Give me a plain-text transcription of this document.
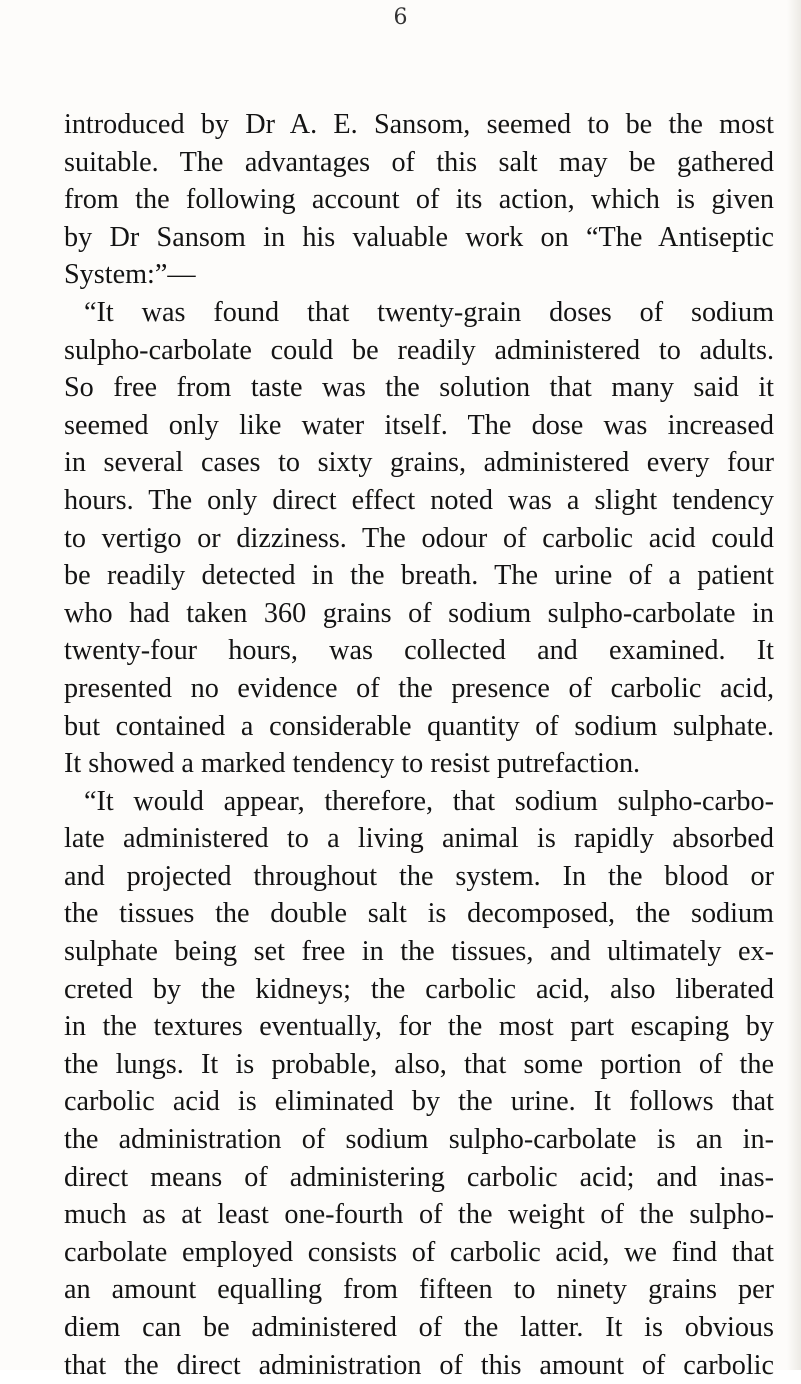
6
introduced by Dr A. E. Sansom, seemed to be the most
suitable. The advantages of this salt may be gathered
from the following account of its action, which is given
by Dr Sansom in his valuable work on “The Antiseptic
System:”—
“It was found that twenty-grain doses of sodium
sulpho-carbolate could be readily administered to adults.
So free from taste was the solution that many said it
seemed only like water itself. The dose was increased
in several cases to sixty grains, administered every four
hours. The only direct effect noted was a slight tendency
to vertigo or dizziness. The odour of carbolic acid could
be readily detected in the breath. The urine of a patient
who had taken 360 grains of sodium sulpho-carbolate in
twenty-four hours, was collected and examined. It
presented no evidence of the presence of carbolic acid,
but contained a considerable quantity of sodium sulphate.
It showed a marked tendency to resist putrefaction.
“It would appear, therefore, that sodium sulpho-carbo-
late administered to a living animal is rapidly absorbed
and projected throughout the system. In the blood or
the tissues the double salt is decomposed, the sodium
sulphate being set free in the tissues, and ultimately ex-
creted by the kidneys; the carbolic acid, also liberated
in the textures eventually, for the most part escaping by
the lungs. It is probable, also, that some portion of the
carbolic acid is eliminated by the urine. It follows that
the administration of sodium sulpho-carbolate is an in-
direct means of administering carbolic acid; and inas-
much as at least one-fourth of the weight of the sulpho-
carbolate employed consists of carbolic acid, we find that
an amount equalling from fifteen to ninety grains per
diem can be administered of the latter. It is obvious
that the direct administration of this amount of carbolic
